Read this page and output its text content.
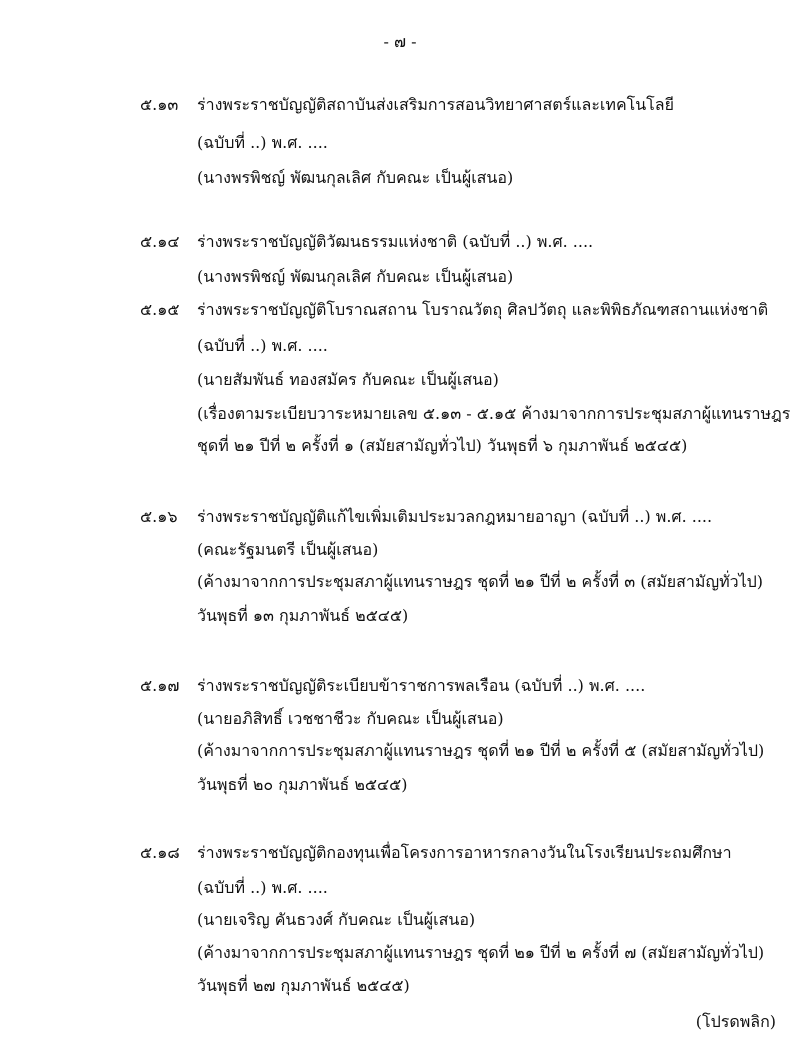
- ๗ -
๕.๑๓	ร่างพระราชบัญญัติสถาบันส่งเสริมการสอนวิทยาศาสตร์และเทคโนโลยี
(ฉบับที่ ..) พ.ศ. ....
(นางพรพิชญ์ พัฒนกุลเลิศ กับคณะ เป็นผู้เสนอ)
๕.๑๔	ร่างพระราชบัญญัติวัฒนธรรมแห่งชาติ (ฉบับที่ ..) พ.ศ. ....
(นางพรพิชญ์ พัฒนกุลเลิศ กับคณะ เป็นผู้เสนอ)
๕.๑๕	ร่างพระราชบัญญัติโบราณสถาน โบราณวัตถุ ศิลปวัตถุ และพิพิธภัณฑสถานแห่งชาติ
(ฉบับที่ ..) พ.ศ. ....
(นายสัมพันธ์ ทองสมัคร กับคณะ เป็นผู้เสนอ)
(เรื่องตามระเบียบวาระหมายเลข ๕.๑๓ - ๕.๑๕ ค้างมาจากการประชุมสภาผู้แทนราษฎร
ชุดที่ ๒๑ ปีที่ ๒ ครั้งที่ ๑ (สมัยสามัญทั่วไป) วันพุธที่ ๖ กุมภาพันธ์ ๒๕๔๕)
๕.๑๖	ร่างพระราชบัญญัติแก้ไขเพิ่มเติมประมวลกฎหมายอาญา (ฉบับที่ ..) พ.ศ. ....
(คณะรัฐมนตรี เป็นผู้เสนอ)
(ค้างมาจากการประชุมสภาผู้แทนราษฎร ชุดที่ ๒๑ ปีที่ ๒ ครั้งที่ ๓ (สมัยสามัญทั่วไป)
วันพุธที่ ๑๓ กุมภาพันธ์ ๒๕๔๕)
๕.๑๗	ร่างพระราชบัญญัติระเบียบข้าราชการพลเรือน (ฉบับที่ ..) พ.ศ. ....
(นายอภิสิทธิ์ เวชชาชีวะ กับคณะ เป็นผู้เสนอ)
(ค้างมาจากการประชุมสภาผู้แทนราษฎร ชุดที่ ๒๑ ปีที่ ๒ ครั้งที่ ๕ (สมัยสามัญทั่วไป)
วันพุธที่ ๒๐ กุมภาพันธ์ ๒๕๔๕)
๕.๑๘	ร่างพระราชบัญญัติกองทุนเพื่อโครงการอาหารกลางวันในโรงเรียนประถมศึกษา
(ฉบับที่ ..) พ.ศ. ....
(นายเจริญ คันธวงศ์ กับคณะ เป็นผู้เสนอ)
(ค้างมาจากการประชุมสภาผู้แทนราษฎร ชุดที่ ๒๑ ปีที่ ๒ ครั้งที่ ๗ (สมัยสามัญทั่วไป)
วันพุธที่ ๒๗ กุมภาพันธ์ ๒๕๔๕)
(โปรดพลิก)
